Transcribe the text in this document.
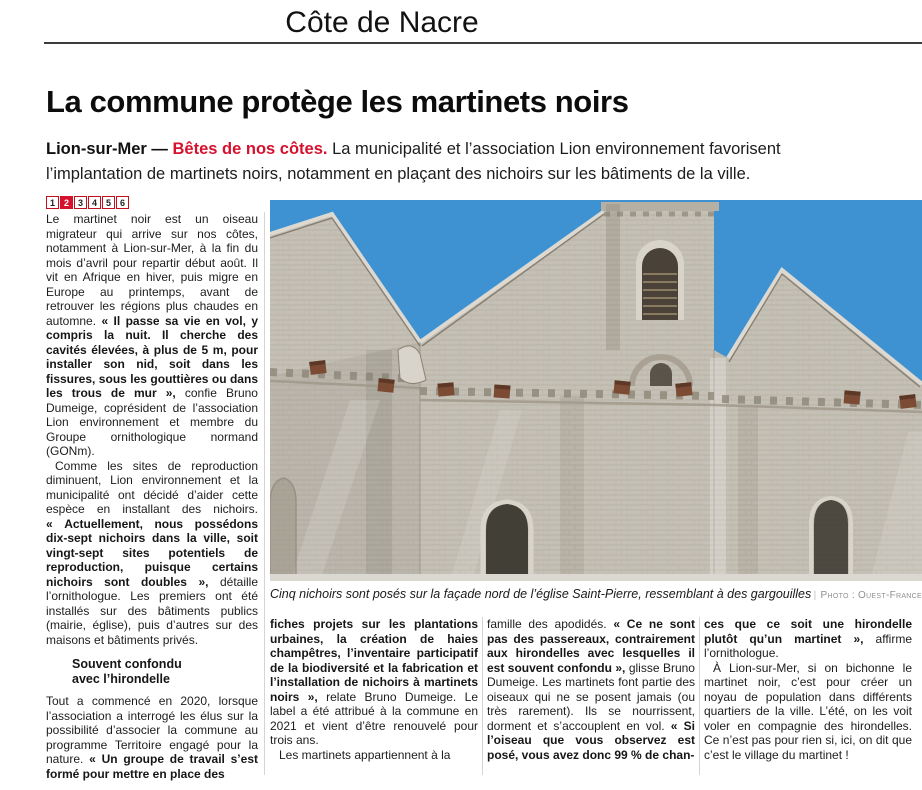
Côte de Nacre
La commune protège les martinets noirs
Lion-sur-Mer — Bêtes de nos côtes. La municipalité et l’association Lion environnement favorisent
l’implantation de martinets noirs, notamment en plaçant des nichoirs sur les bâtiments de la ville.
1 2 3 4 5 6

Le martinet noir est un oiseau migrateur qui arrive sur nos côtes, notamment à Lion-sur-Mer, à la fin du mois d’avril pour repartir début août. Il vit en Afrique en hiver, puis migre en Europe au printemps, avant de retrouver les régions plus chaudes en automne. « Il passe sa vie en vol, y compris la nuit. Il cherche des cavités élevées, à plus de 5 m, pour installer son nid, soit dans les fissures, sous les gouttières ou dans les trous de mur », confie Bruno Dumeige, coprésident de l’association Lion environnement et membre du Groupe ornithologique normand (GONm).

Comme les sites de reproduction diminuent, Lion environnement et la municipalité ont décidé d’aider cette espèce en installant des nichoirs. « Actuellement, nous possédons dix-sept nichoirs dans la ville, soit vingt-sept sites potentiels de reproduction, puisque certains nichoirs sont doubles », détaille l’ornithologue. Les premiers ont été installés sur des bâtiments publics (mairie, église), puis d’autres sur des maisons et bâtiments privés.

Souvent confondu
avec l’hirondelle

Tout a commencé en 2020, lorsque l’association a interrogé les élus sur la possibilité d’associer la commune au programme Territoire engagé pour la nature. « Un groupe de travail s’est formé pour mettre en place des

Cinq nichoirs sont posés sur la façade nord de l’église Saint-Pierre, ressemblant à des gargouilles | Photo : Ouest-France

fiches projets sur les plantations urbaines, la création de haies champêtres, l’inventaire participatif de la biodiversité et la fabrication et l’installation de nichoirs à martinets noirs », relate Bruno Dumeige. Le label a été attribué à la commune en 2021 et vient d’être renouvelé pour trois ans.

Les martinets appartiennent à la

famille des apodidés. « Ce ne sont pas des passereaux, contrairement aux hirondelles avec lesquelles il est souvent confondu », glisse Bruno Dumeige. Les martinets font partie des oiseaux qui ne se posent jamais (ou très rarement). Ils se nourrissent, dorment et s’accouplent en vol. « Si l’oiseau que vous observez est posé, vous avez donc 99 % de chan-

ces que ce soit une hirondelle plutôt qu’un martinet », affirme l’ornithologue.

À Lion-sur-Mer, si on bichonne le martinet noir, c’est pour créer un noyau de population dans différents quartiers de la ville. L’été, on les voit voler en compagnie des hirondelles. Ce n’est pas pour rien si, ici, on dit que c’est le village du martinet !
